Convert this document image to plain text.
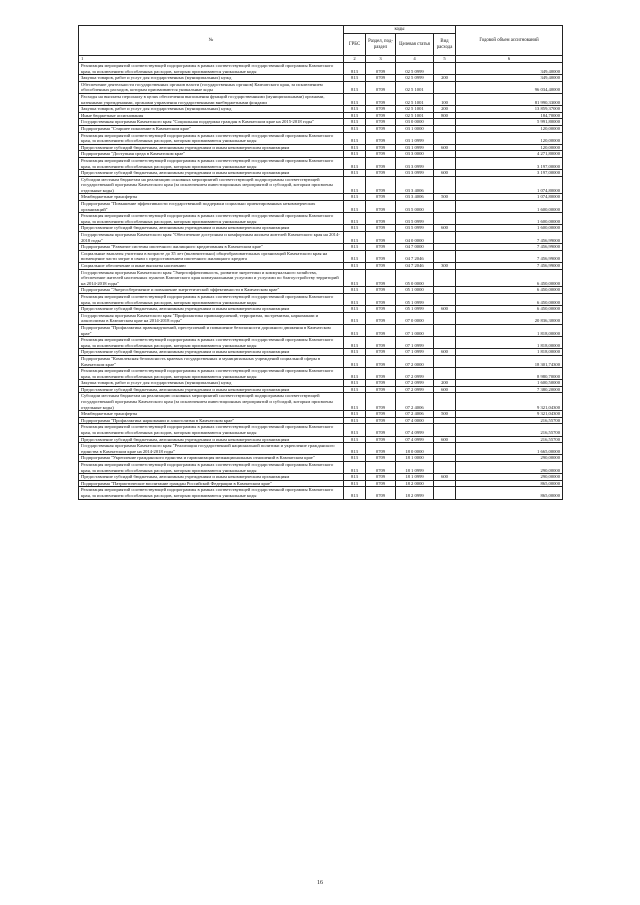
№	коды				Годовой объем ассигнований
	ГРБС	Раздел, под-раздел	Целевая статья	Вид расхода	
1	2	3	4	5	6
Реализация мероприятий соответствующей подпрограммы в рамках соответствующей государственной программы Камчатского края, за исключением обособленных расходов, которым присваиваются уникальные коды	813	0709	02 5 0999		349,40000
Закупка товаров, работ и услуг для государственных (муниципальных) нужд	813	0709	02 5 0999	200	349,40000
Обеспечение деятельности государственных органов власти (государственных органов) Камчатского края, за исключением обособленных расходов, которым присваиваются уникальные коды	813	0709	02 5 1001		96 034,40000
Расходы на выплаты персоналу в целях обеспечения выполнения функций государственными (муниципальными) органами, казенными учреждениями, органами управления государственными внебюджетными фондами	813	0709	02 5 1001	100	81 990,33000
Закупка товаров, работ и услуг для государственных (муниципальных) нужд	813	0709	02 5 1001	200	13 859,37000
Иные бюджетные ассигнования	813	0709	02 5 1001	800	184,70000
Государственная программа Камчатского края "Социальная поддержка граждан в Камчатском крае на 2015-2018 годы"	813	0709	03 0 0000		5 991,80000
Подпрограмма "Старшее поколение в Камчатском крае"	813	0709	03 1 0000		120,00000
Реализация мероприятий соответствующей подпрограммы в рамках соответствующей государственной программы Камчатского края, за исключением обособленных расходов, которым присваиваются уникальные коды	813	0709	03 1 0999		120,00000
Предоставление субсидий бюджетным, автономным учреждениям и иным некоммерческим организациям	813	0709	03 1 0999	600	120,00000
Подпрограмма "Доступная среда в Камчатском крае"	813	0709	03 3 0000		4 271,80000
Реализация мероприятий соответствующей подпрограммы в рамках соответствующей государственной программы Камчатского края, за исключением обособленных расходов, которым присваиваются уникальные коды	813	0709	03 3 0999		3 197,00000
Предоставление субсидий бюджетным, автономным учреждениям и иным некоммерческим организациям	813	0709	03 3 0999	600	3 197,00000
Субсидии местным бюджетам на реализацию основных мероприятий соответствующей подпрограммы соответствующей государственной программы Камчатского края (за исключением инвестиционных мероприятий и субсидий, которым присвоены отдельные коды)	813	0709	03 3 4006		1 074,80000
Межбюджетные трансферты	813	0709	03 3 4006	500	1 074,80000
Подпрограмма "Повышение эффективности государственной поддержки социально ориентированных некоммерческих организаций"	813	0709	03 5 0000		1 600,00000
Реализация мероприятий соответствующей подпрограммы в рамках соответствующей государственной программы Камчатского края, за исключением обособленных расходов, которым присваиваются уникальные коды	813	0709	03 5 0999		1 600,00000
Предоставление субсидий бюджетным, автономным учреждениям и иным некоммерческим организациям	813	0709	03 5 0999	600	1 600,00000
Государственная программа Камчатского края "Обеспечение доступным и комфортным жильем жителей Камчатского края на 2014-2018 годы"	813	0709	04 0 0000		7 456,99000
Подпрограмма "Развитие системы ипотечного жилищного кредитования в Камчатском крае"	813	0709	04 7 0000		7 456,99000
Социальные выплаты учителям в возрасте до 35 лет (включительно) общеобразовательных организаций Камчатского края на возмещение части затрат в связи с предоставлением ипотечного жилищного кредита	813	0709	04 7 2046		7 456,99000
Социальное обеспечение и иные выплаты населению	813	0709	04 7 2046	300	7 456,99000
Государственная программа Камчатского края "Энергоэффективность, развитие энергетики и коммунального хозяйства, обеспечение жителей населенных пунктов Камчатского края коммунальными услугами и услугами по благоустройству территорий на 2014-2018 годы"	813	0709	05 0 0000		6 450,00000
Подпрограмма "Энергосбережение и повышение энергетической эффективности в Камчатском крае"	813	0709	05 1 0000		6 450,00000
Реализация мероприятий соответствующей подпрограммы в рамках соответствующей государственной программы Камчатского края, за исключением обособленных расходов, которым присваиваются уникальные коды	813	0709	05 1 0999		6 450,00000
Предоставление субсидий бюджетным, автономным учреждениям и иным некоммерческим организациям	813	0709	05 1 0999	600	6 450,00000
Государственная программа Камчатского края "Профилактика правонарушений, терроризма, экстремизма, наркомании и алкоголизма в Камчатском крае на 2014-2018 годы"	813	0709	07 0 0000		20 836,30000
Подпрограмма "Профилактика правонарушений, преступлений и повышение безопасности дорожного движения в Камчатском крае"	813	0709	07 1 0000		1 818,00000
Реализация мероприятий соответствующей подпрограммы в рамках соответствующей государственной программы Камчатского края, за исключением обособленных расходов, которым присваиваются уникальные коды	813	0709	07 1 0999		1 818,00000
Предоставление субсидий бюджетным, автономным учреждениям и иным некоммерческим организациям	813	0709	07 1 0999	600	1 818,00000
Подпрограмма "Комплексная безопасность краевых государственных и муниципальных учреждений социальной сферы в Камчатском крае"	813	0709	07 2 0000		18 301,74300
Реализация мероприятий соответствующей подпрограммы в рамках соответствующей государственной программы Камчатского края, за исключением обособленных расходов, которым присваиваются уникальные коды	813	0709	07 2 0999		8 980,70000
Закупка товаров, работ и услуг для государственных (муниципальных) нужд	813	0709	07 2 0999	200	1 600,50000
Предоставление субсидий бюджетным, автономным учреждениям и иным некоммерческим организациям	813	0709	07 2 0999	600	7 380,20000
Субсидии местным бюджетам на реализацию основных мероприятий соответствующей подпрограммы соответствующей государственной программы Камчатского края (за исключением инвестиционных мероприятий и субсидий, которым присвоены отдельные коды)	813	0709	07 2 4006		9 321,04300
Межбюджетные трансферты	813	0709	07 2 4006	500	9 321,04300
Подпрограмма "Профилактика наркомании и алкоголизма в Камчатском крае"	813	0709	07 4 0000		216,55700
Реализация мероприятий соответствующей подпрограммы в рамках соответствующей государственной программы Камчатского края, за исключением обособленных расходов, которым присваиваются уникальные коды	813	0709	07 4 0999		216,55700
Предоставление субсидий бюджетным, автономным учреждениям и иным некоммерческим организациям	813	0709	07 4 0999	600	216,55700
Государственная программа Камчатского края "Реализация государственной национальной политики и укрепление гражданского единства в Камчатском крае на 2014-2018 годы"	813	0709	18 0 0000		1 665,00000
Подпрограмма "Укрепление гражданского единства и гармонизация межнациональных отношений в Камчатском крае"	813	0709	18 1 0000		290,00000
Реализация мероприятий соответствующей подпрограммы в рамках соответствующей государственной программы Камчатского края, за исключением обособленных расходов, которым присваиваются уникальные коды	813	0709	18 1 0999		290,00000
Предоставление субсидий бюджетным, автономным учреждениям и иным некоммерческим организациям	813	0709	18 1 0999	600	290,00000
Подпрограмма "Патриотическое воспитание граждан Российской Федерации в Камчатском крае"	813	0709	18 2 0000		865,00000
Реализация мероприятий соответствующей подпрограммы в рамках соответствующей государственной программы Камчатского края, за исключением обособленных расходов, которым присваиваются уникальные коды	813	0709	18 2 0999		865,00000
16
